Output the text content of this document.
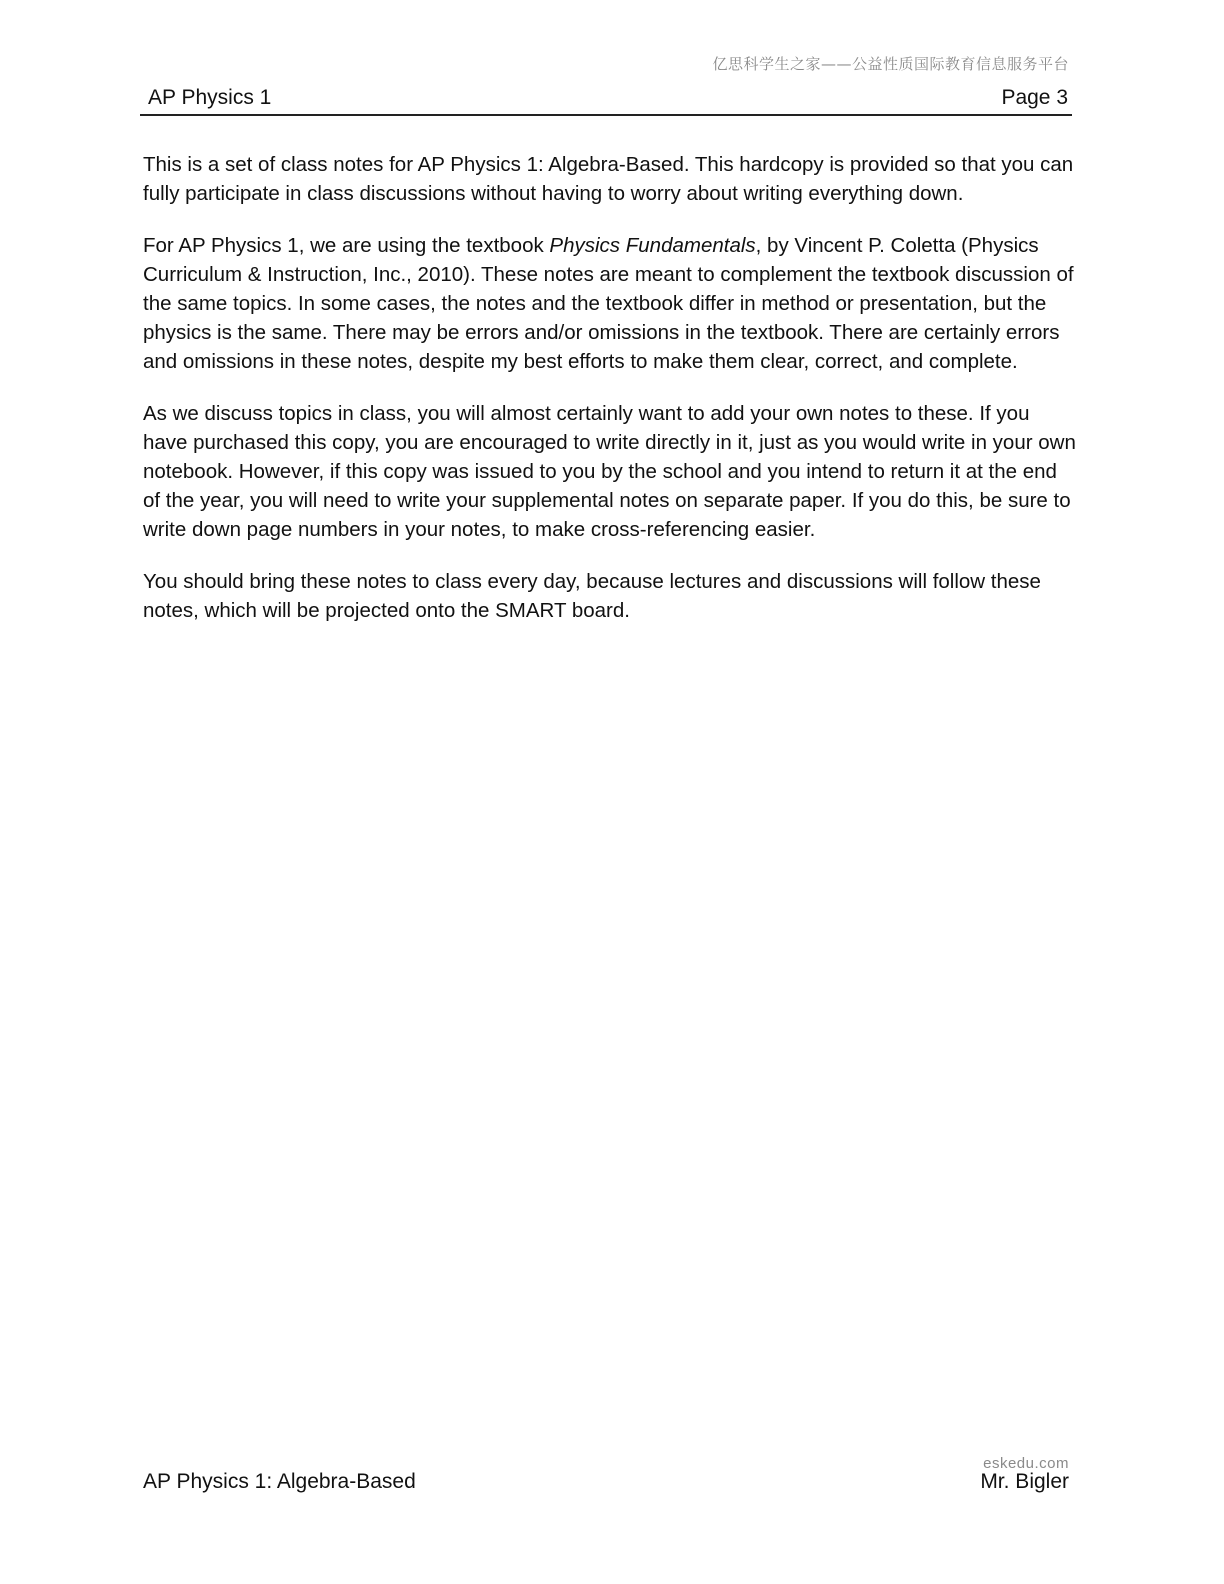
亿思科学生之家——公益性质国际教育信息服务平台
AP Physics 1	Page 3

This is a set of class notes for AP Physics 1: Algebra-Based. This hardcopy is provided so that you can fully participate in class discussions without having to worry about writing everything down.

For AP Physics 1, we are using the textbook Physics Fundamentals, by Vincent P. Coletta (Physics Curriculum & Instruction, Inc., 2010). These notes are meant to complement the textbook discussion of the same topics. In some cases, the notes and the textbook differ in method or presentation, but the physics is the same. There may be errors and/or omissions in the textbook. There are certainly errors and omissions in these notes, despite my best efforts to make them clear, correct, and complete.

As we discuss topics in class, you will almost certainly want to add your own notes to these. If you have purchased this copy, you are encouraged to write directly in it, just as you would write in your own notebook. However, if this copy was issued to you by the school and you intend to return it at the end of the year, you will need to write your supplemental notes on separate paper. If you do this, be sure to write down page numbers in your notes, to make cross-referencing easier.

You should bring these notes to class every day, because lectures and discussions will follow these notes, which will be projected onto the SMART board.

eskedu.com
AP Physics 1: Algebra-Based	Mr. Bigler
